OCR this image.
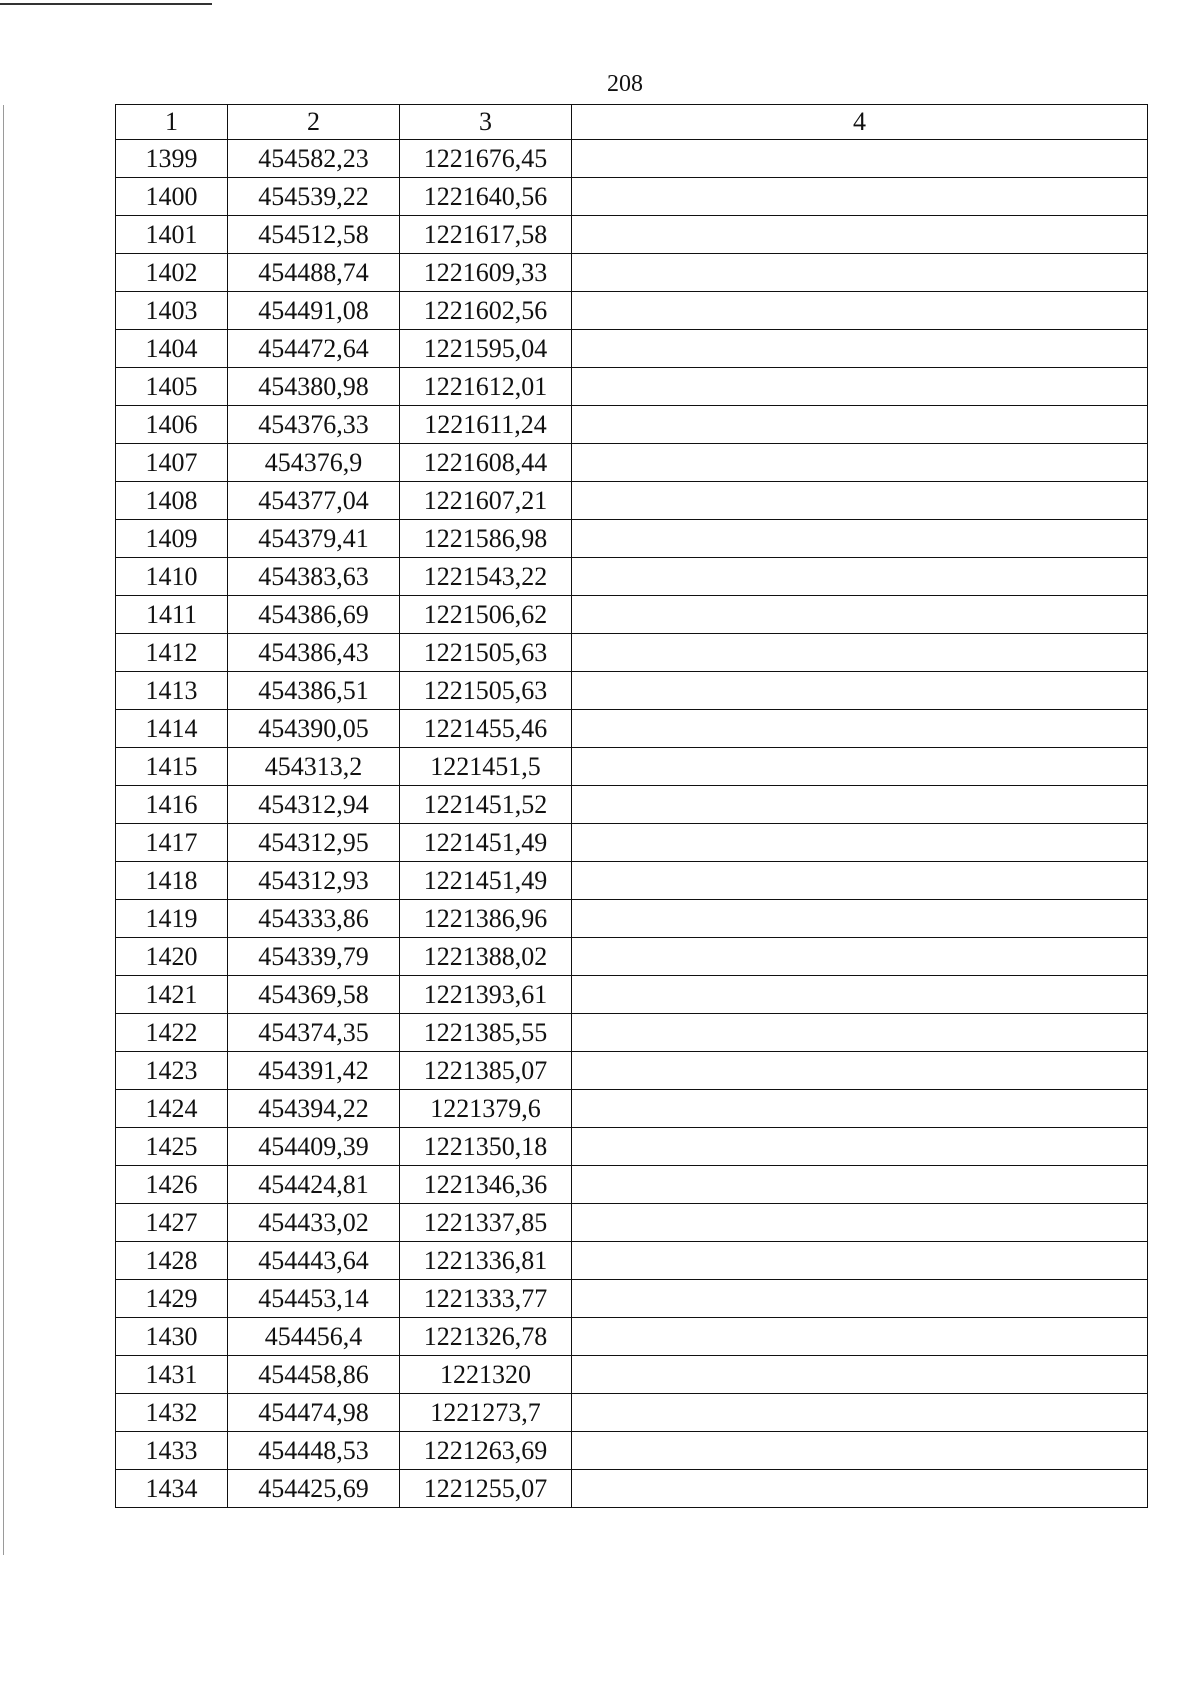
208
1	2	3	4
1399	454582,23	1221676,45	
1400	454539,22	1221640,56	
1401	454512,58	1221617,58	
1402	454488,74	1221609,33	
1403	454491,08	1221602,56	
1404	454472,64	1221595,04	
1405	454380,98	1221612,01	
1406	454376,33	1221611,24	
1407	454376,9	1221608,44	
1408	454377,04	1221607,21	
1409	454379,41	1221586,98	
1410	454383,63	1221543,22	
1411	454386,69	1221506,62	
1412	454386,43	1221505,63	
1413	454386,51	1221505,63	
1414	454390,05	1221455,46	
1415	454313,2	1221451,5	
1416	454312,94	1221451,52	
1417	454312,95	1221451,49	
1418	454312,93	1221451,49	
1419	454333,86	1221386,96	
1420	454339,79	1221388,02	
1421	454369,58	1221393,61	
1422	454374,35	1221385,55	
1423	454391,42	1221385,07	
1424	454394,22	1221379,6	
1425	454409,39	1221350,18	
1426	454424,81	1221346,36	
1427	454433,02	1221337,85	
1428	454443,64	1221336,81	
1429	454453,14	1221333,77	
1430	454456,4	1221326,78	
1431	454458,86	1221320	
1432	454474,98	1221273,7	
1433	454448,53	1221263,69	
1434	454425,69	1221255,07	
